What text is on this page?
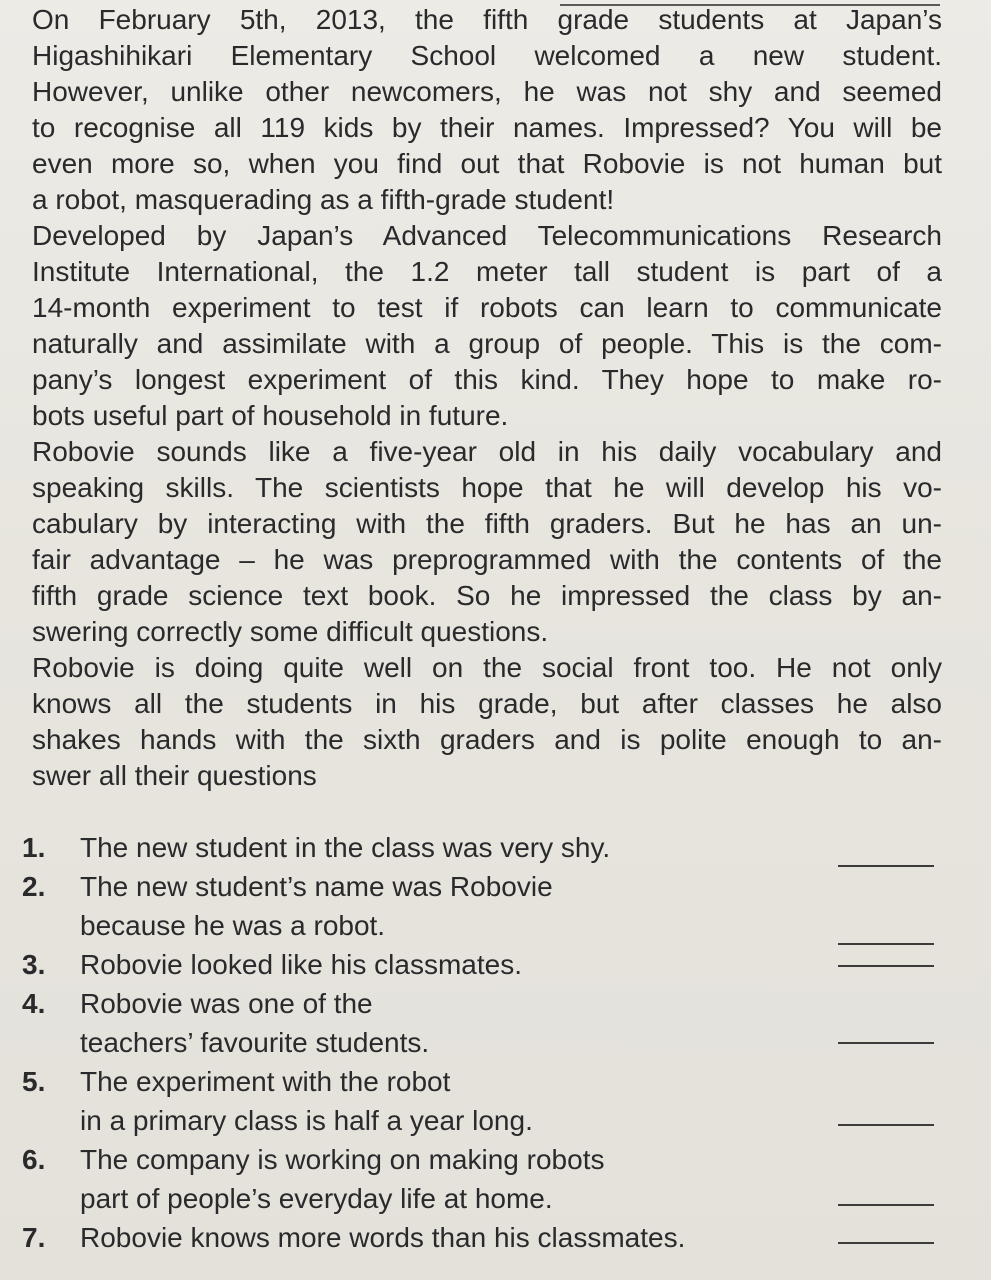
On February 5th, 2013, the fifth grade students at Japan’s
Higashihikari Elementary School welcomed a new student.
However, unlike other newcomers, he was not shy and seemed
to recognise all 119 kids by their names. Impressed? You will be
even more so, when you find out that Robovie is not human but
a robot, masquerading as a fifth-grade student!
Developed by Japan’s Advanced Telecommunications Research
Institute International, the 1.2 meter tall student is part of a
14-month experiment to test if robots can learn to communicate
naturally and assimilate with a group of people. This is the com-
pany’s longest experiment of this kind. They hope to make ro-
bots useful part of household in future.
Robovie sounds like a five-year old in his daily vocabulary and
speaking skills. The scientists hope that he will develop his vo-
cabulary by interacting with the fifth graders. But he has an un-
fair advantage – he was preprogrammed with the contents of the
fifth grade science text book. So he impressed the class by an-
swering correctly some difficult questions.
Robovie is doing quite well on the social front too. He not only
knows all the students in his grade, but after classes he also
shakes hands with the sixth graders and is polite enough to an-
swer all their questions
1.	The new student in the class was very shy.
2.	The new student’s name was Robovie
because he was a robot.
3.	Robovie looked like his classmates.
4.	Robovie was one of the
teachers’ favourite students.
5.	The experiment with the robot
in a primary class is half a year long.
6.	The company is working on making robots
part of people’s everyday life at home.
7.	Robovie knows more words than his classmates.
